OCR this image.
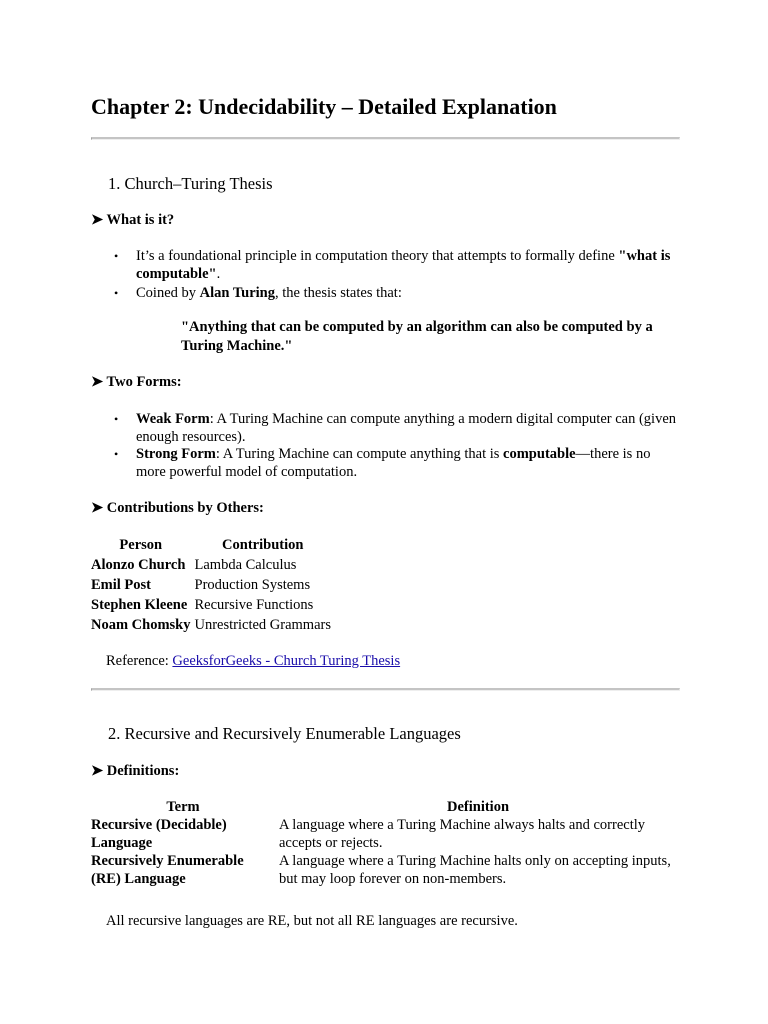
Chapter 2: Undecidability – Detailed Explanation
1. Church–Turing Thesis
➤ What is it?
•	It’s a foundational principle in computation theory that attempts to formally define "what is computable".

•	Coined by Alan Turing, the thesis states that:

"Anything that can be computed by an algorithm can also be computed by a Turing Machine."

➤ Two Forms:
•	Weak Form: A Turing Machine can compute anything a modern digital computer can (given enough resources).

•	Strong Form: A Turing Machine can compute anything that is computable—there is no more powerful model of computation.

➤ Contributions by Others:
Person	Contribution
Alonzo Church	Lambda Calculus
Emil Post	Production Systems
Stephen Kleene	Recursive Functions
Noam Chomsky	Unrestricted Grammars

Reference: GeeksforGeeks - Church Turing Thesis

2. Recursive and Recursively Enumerable Languages
➤ Definitions:
Term	Definition
Recursive (Decidable) Language	A language where a Turing Machine always halts and correctly accepts or rejects.
Recursively Enumerable (RE) Language	A language where a Turing Machine halts only on accepting inputs, but may loop forever on non-members.

All recursive languages are RE, but not all RE languages are recursive.
